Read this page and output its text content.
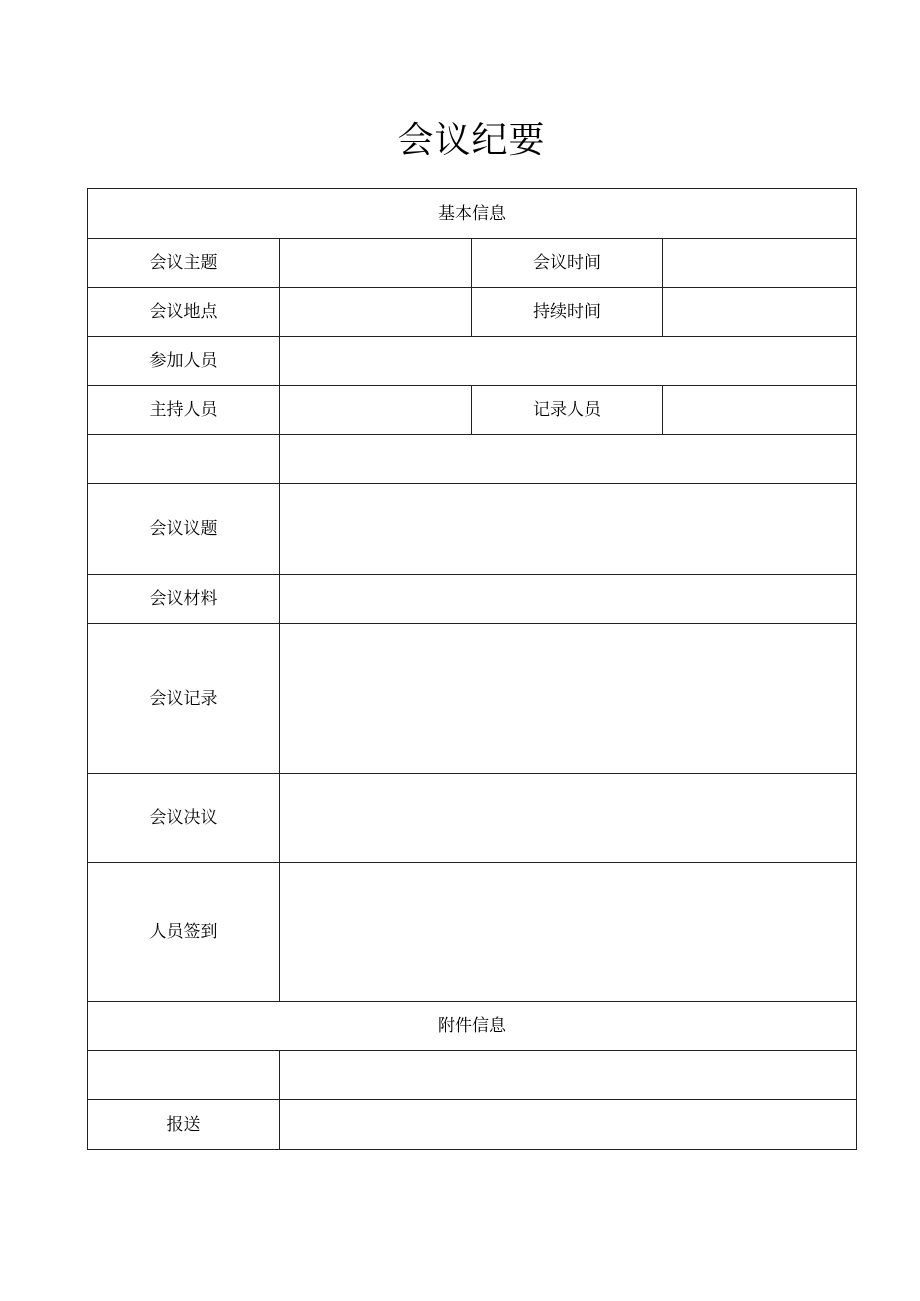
会议纪要
基本信息			
会议主题		会议时间	
会议地点		持续时间	
参加人员			
主持人员		记录人员	

会议议题			
会议材料			
会议记录			
会议决议			
人员签到			
附件信息			

报送			
